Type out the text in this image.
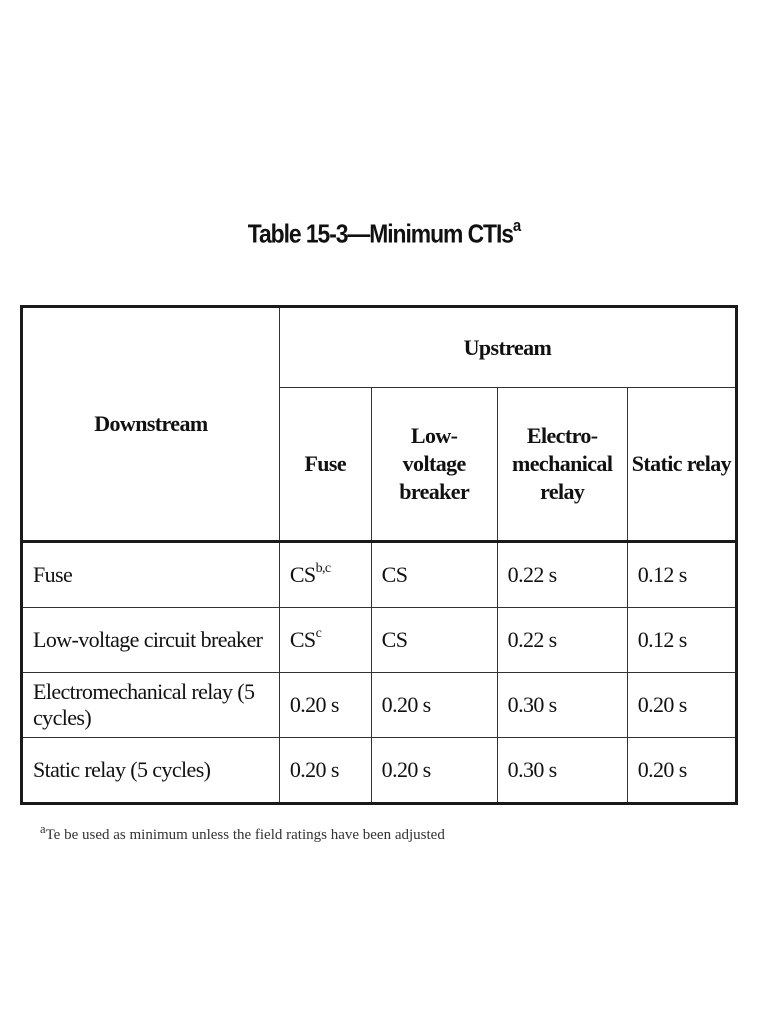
Table 15-3—Minimum CTIs$^a$
Downstream	Upstream			
	Fuse	Low-voltage breaker	Electro-mechanical relay	Static relay
Fuse	CS$^{b,c}$	CS	0.22 s	0.12 s
Low-voltage circuit breaker	CS$^c$	CS	0.22 s	0.12 s
Electromechanical relay (5 cycles)	0.20 s	0.20 s	0.30 s	0.20 s
Static relay (5 cycles)	0.20 s	0.20 s	0.30 s	0.20 s
$^a$Te be used as minimum unless the field ratings have been adjusted
